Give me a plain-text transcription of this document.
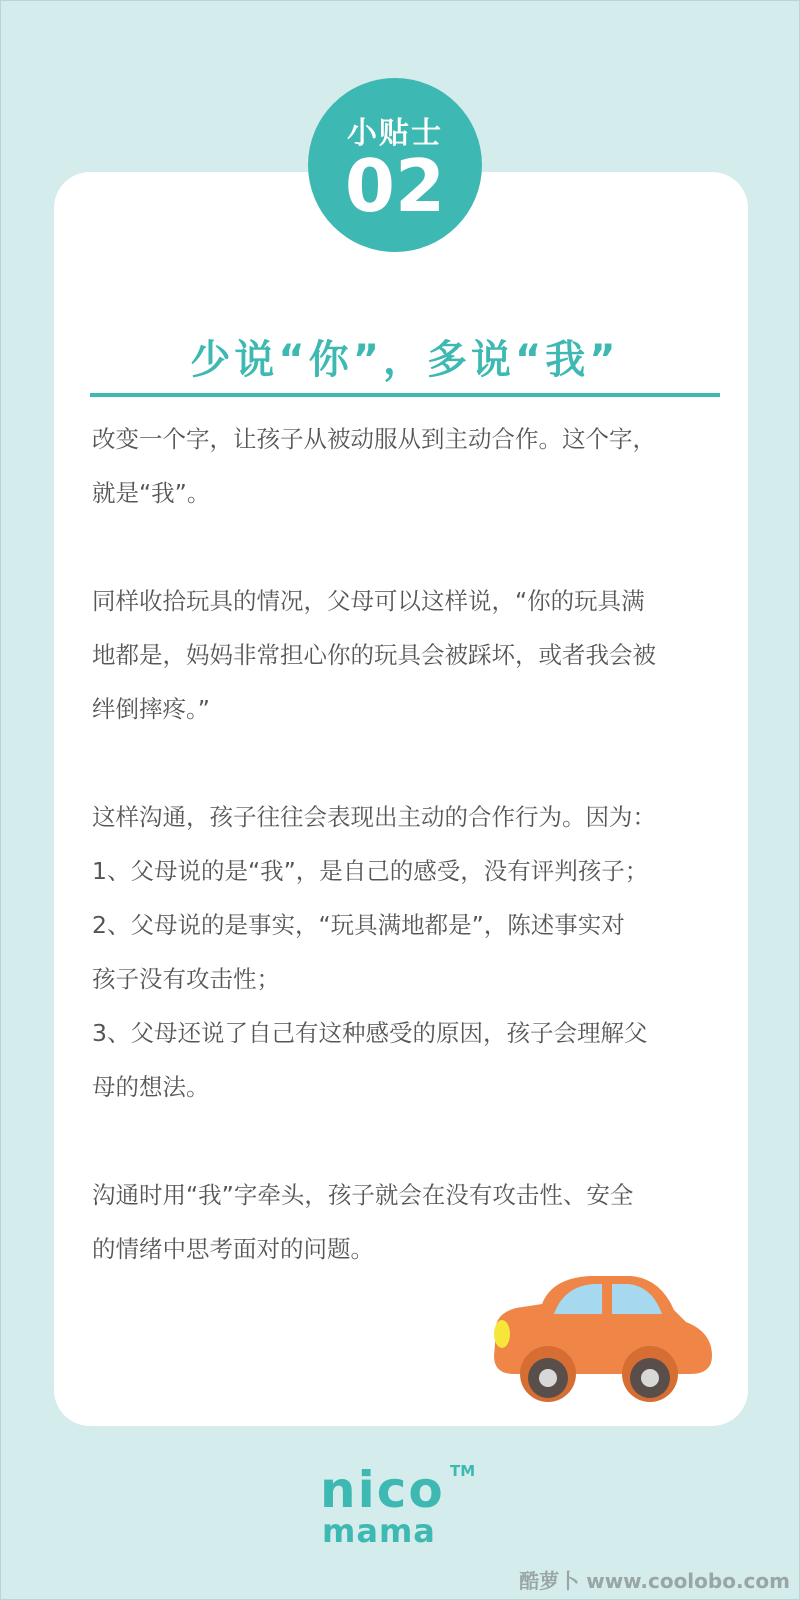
小贴士
02
少说“你”，多说“我”

改变一个字，让孩子从被动服从到主动合作。这个字，

就是“我”。

同样收拾玩具的情况，父母可以这样说，“你的玩具满

地都是，妈妈非常担心你的玩具会被踩坏，或者我会被

绊倒摔疼。”

这样沟通，孩子往往会表现出主动的合作行为。因为：

1、父母说的是“我”，是自己的感受，没有评判孩子；

2、父母说的是事实，“玩具满地都是”，陈述事实对

孩子没有攻击性；

3、父母还说了自己有这种感受的原因，孩子会理解父

母的想法。

沟通时用“我”字牵头，孩子就会在没有攻击性、安全

的情绪中思考面对的问题。

nico TM
mama
酷萝卜 www.coolobo.com
